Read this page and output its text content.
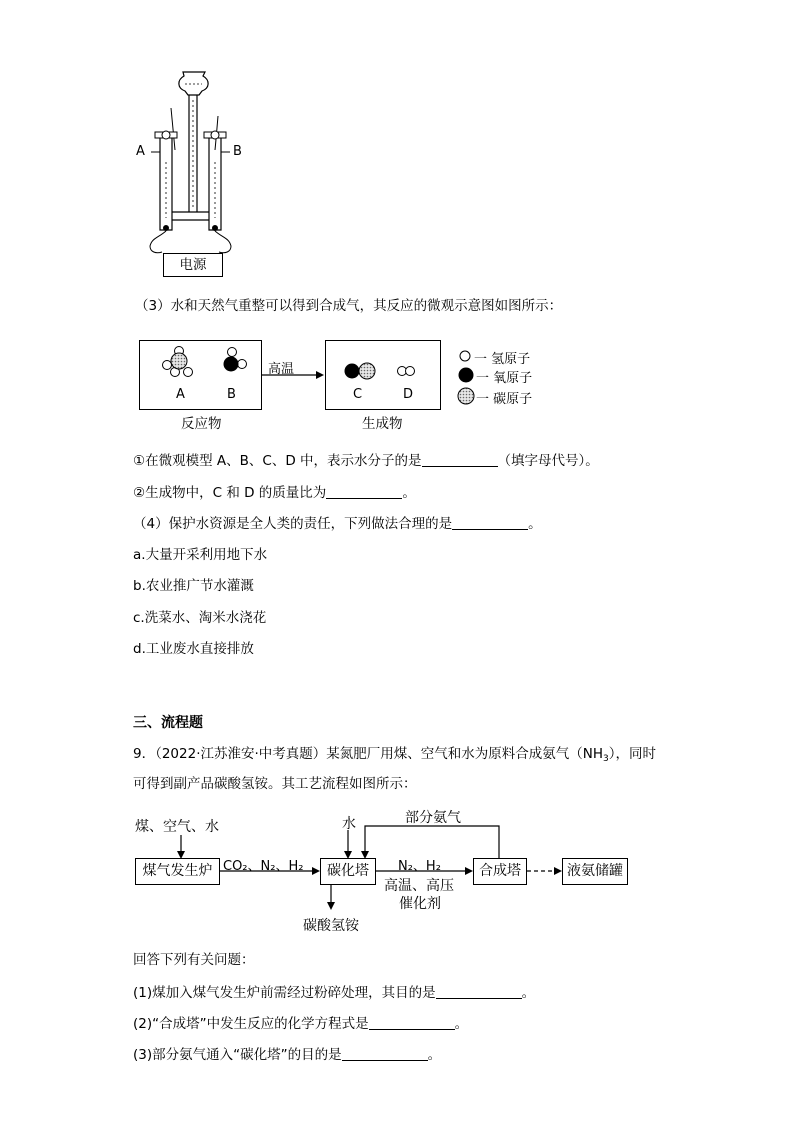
A	B
电源
（3）水和天然气重整可以得到合成气，其反应的微观示意图如图所示：
高温
A	B	C	D
反应物	生成物
一 氢原子
一 氧原子
一 碳原子
①在微观模型 A、B、C、D 中，表示水分子的是	（填字母代号）。
②生成物中，C 和 D 的质量比为	。
（4）保护水资源是全人类的责任，下列做法合理的是	。
a.大量开采利用地下水
b.农业推广节水灌溉
c.洗菜水、淘米水浇花
d.工业废水直接排放
三、流程题
9．（2022·江苏淮安·中考真题）某氮肥厂用煤、空气和水为原料合成氨气$(NH_3)$，同时
可得到副产品碳酸氢铵。其工艺流程如图所示：
煤、空气、水
煤气发生炉 CO₂、N₂、H₂
水	部分氨气
碳化塔	N₂、H₂
高温、高压
催化剂
合成塔	液氨储罐
碳酸氢铵
回答下列有关问题：
(1)煤加入煤气发生炉前需经过粉碎处理，其目的是	。
(2)“合成塔”中发生反应的化学方程式是	。
(3)部分氨气通入“碳化塔”的目的是	。
